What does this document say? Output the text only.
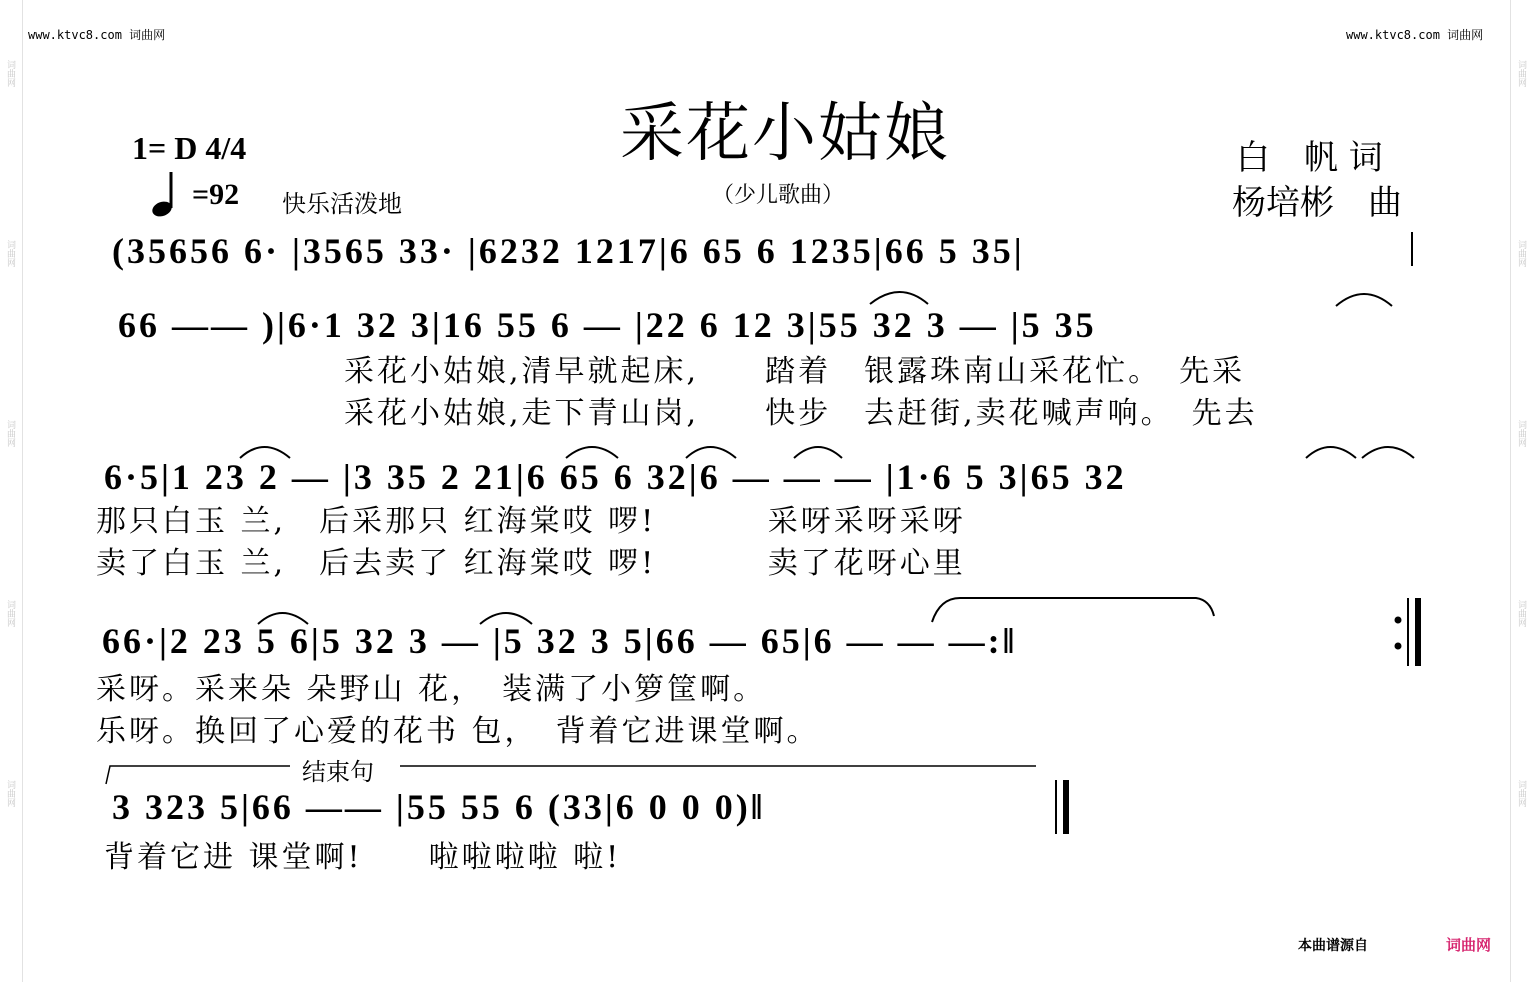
词曲网
词曲网
词曲网
词曲网
词曲网
词曲网
词曲网
词曲网
词曲网
词曲网
www.ktvc8.com 词曲网	www.ktvc8.com 词曲网
采花小姑娘
（少儿歌曲）
1= D 4/4
=92 快乐活泼地
白　帆 词
杨培彬　曲
(35656 6· |3565 33· |6232 1217|6 65 6 1235|66 5 35|
66 —— )|6·1 32 3|16 55 6 — |22 6 12 3|55 32 3 — |5 35
采花小姑娘,清早就起床,　　踏着　银露珠南山采花忙。　先采
采花小姑娘,走下青山岗,　　快步　去赶街,卖花喊声响。　先去
6·5|1 23 2 — |3 35 2 21|6 65 6 32|6 — — — |1·6 5 3|65 32
那只白玉 兰,　后采那只 红海棠哎 啰!　　　 采呀采呀采呀
卖了白玉 兰,　后去卖了 红海棠哎 啰!　　　 卖了花呀心里
66·|2 23 5 6|5 32 3 — |5 32 3 5|66 — 65|6 — — —:‖
采呀。采来朵 朵野山 花，　装满了小箩筐啊。
乐呀。换回了心爱的花书 包，　背着它进课堂啊。
结束句
3 323 5|66 —— |55 55 6 (33|6 0 0 0)‖
背着它进 课堂啊!　　啦啦啦啦 啦!
本曲谱源自	词曲网
